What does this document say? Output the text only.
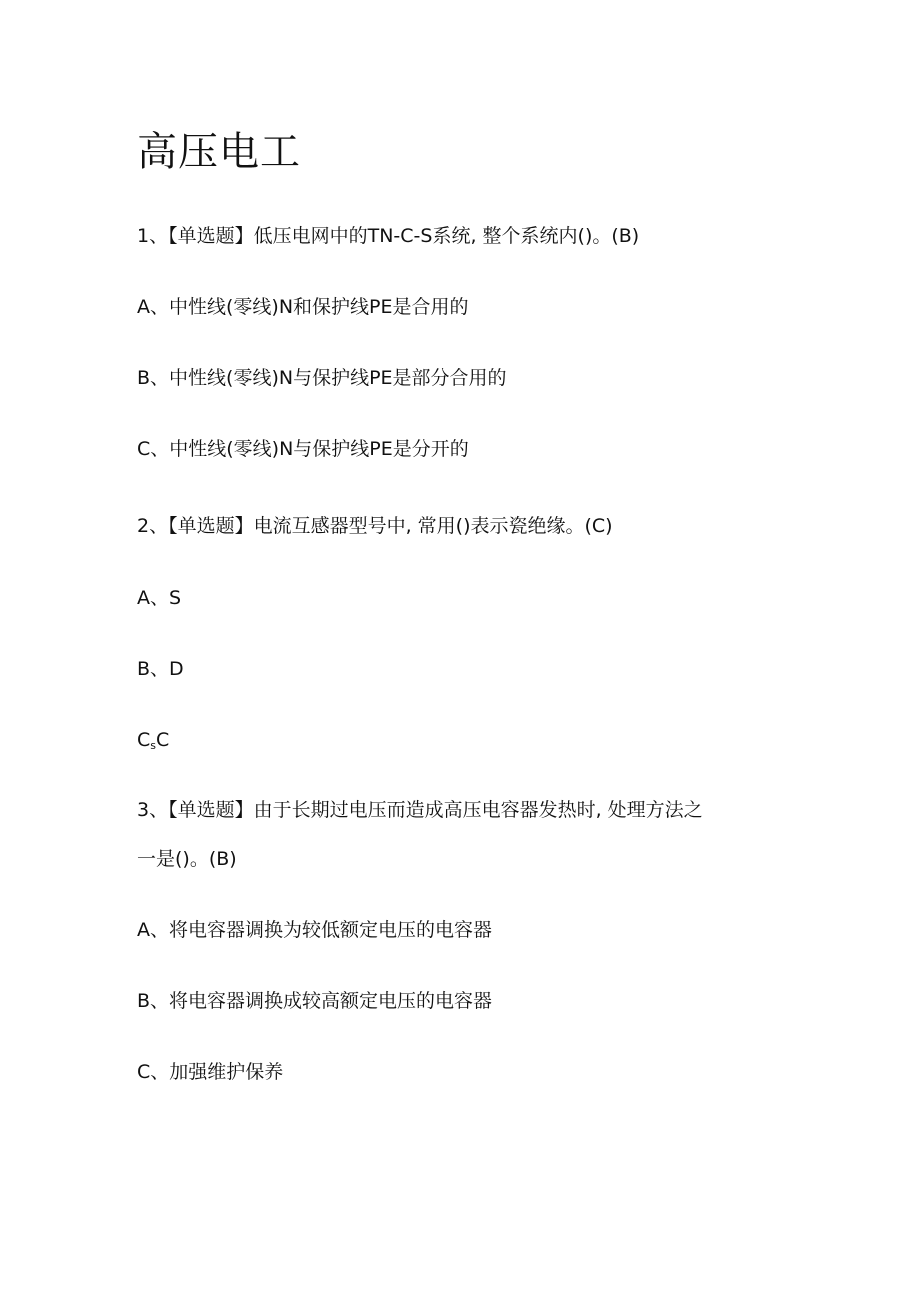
高压电工

1、【单选题】低压电网中的TN-C-S系统, 整个系统内()。(B)

A、中性线(零线)N和保护线PE是合用的

B、中性线(零线)N与保护线PE是部分合用的

C、中性线(零线)N与保护线PE是分开的

2、【单选题】电流互感器型号中, 常用()表示瓷绝缘。(C)

A、S

B、D

CsC

3、【单选题】由于长期过电压而造成高压电容器发热时, 处理方法之

一是()。(B)

A、将电容器调换为较低额定电压的电容器

B、将电容器调换成较高额定电压的电容器

C、加强维护保养
